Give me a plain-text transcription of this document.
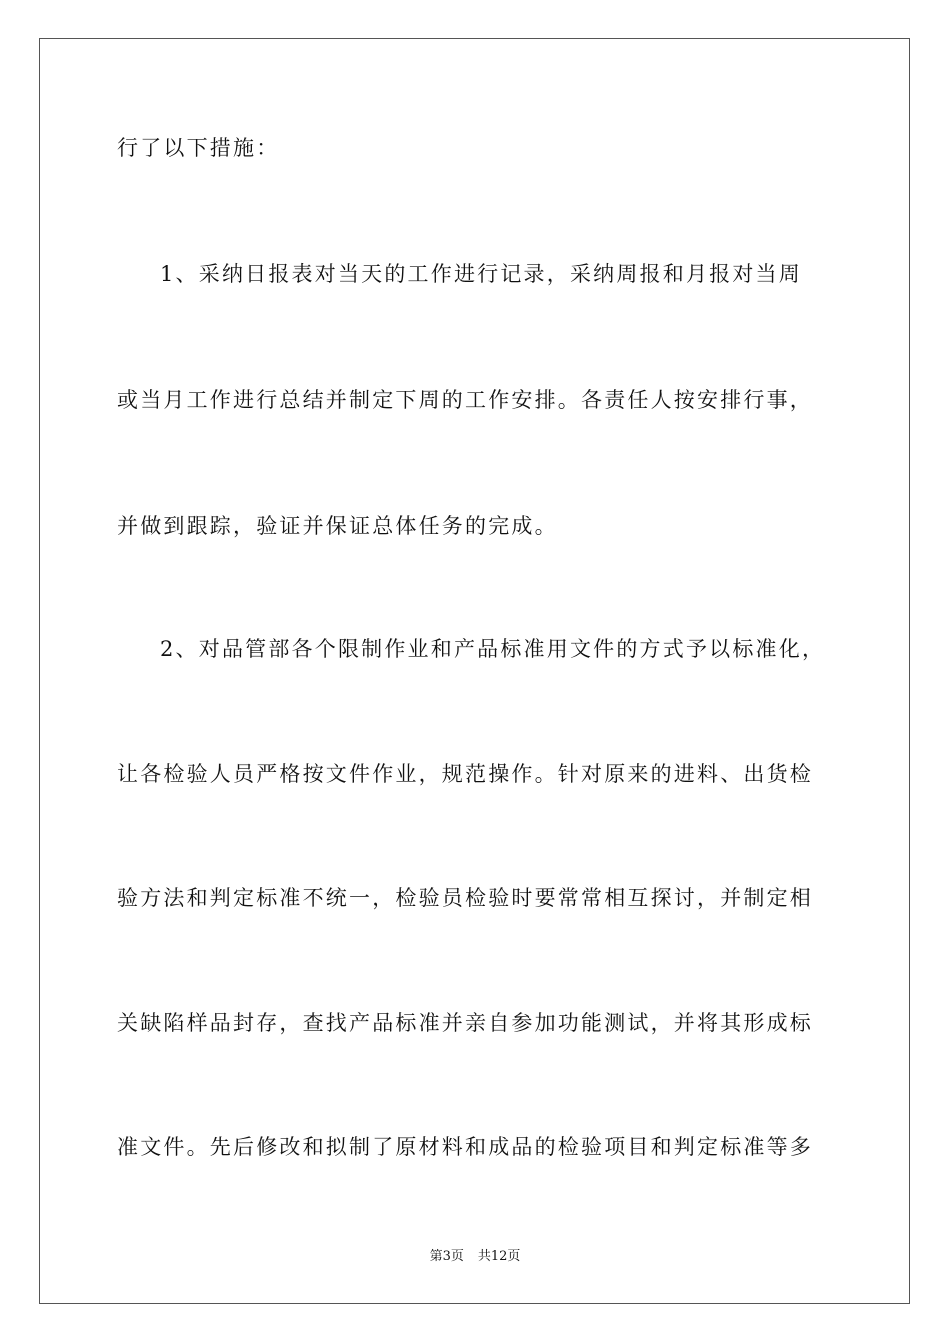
行了以下措施：
1、采纳日报表对当天的工作进行记录，采纳周报和月报对当周
或当月工作进行总结并制定下周的工作安排。各责任人按安排行事，
并做到跟踪，验证并保证总体任务的完成。
2、对品管部各个限制作业和产品标准用文件的方式予以标准化，
让各检验人员严格按文件作业，规范操作。针对原来的进料、出货检
验方法和判定标准不统一，检验员检验时要常常相互探讨，并制定相
关缺陷样品封存，查找产品标准并亲自参加功能测试，并将其形成标
准文件。先后修改和拟制了原材料和成品的检验项目和判定标准等多
第3页 共12页
